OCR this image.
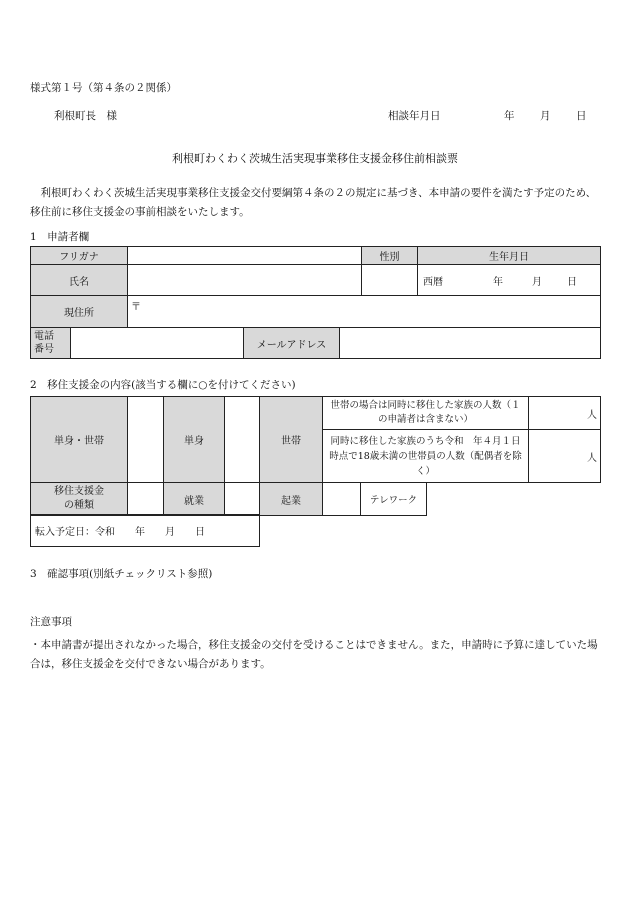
様式第１号（第４条の２関係）
利根町長　様	相談年月日	年 月 日
利根町わくわく茨城生活実現事業移住支援金移住前相談票
　利根町わくわく茨城生活実現事業移住支援金交付要綱第４条の２の規定に基づき、本申請の要件を満たす予定のため、移住前に移住支援金の事前相談をいたします。
1　申請者欄
フリガナ		性別	生年月日
氏名			西暦 年 月 日

現住所	〒		
電話
番号		メールアドレス	
2　移住支援金の内容(該当する欄に○を付けてください)
単身・世帯		単身		世帯	世帯の場合は同時に移住した家族の人数（１の申請者は含まない）	人
					同時に移住した家族のうち令和　年４月１日時点で18歳未満の世帯員の人数（配偶者を除く）	人
移住支援金
の種類		就業		起業		テレワーク
転入予定日：令和　　年　　月　　日
3　確認事項(別紙チェックリスト参照)
注意事項
・本申請書が提出されなかった場合，移住支援金の交付を受けることはできません。また，申請時に予算に達していた場合は，移住支援金を交付できない場合があります。
